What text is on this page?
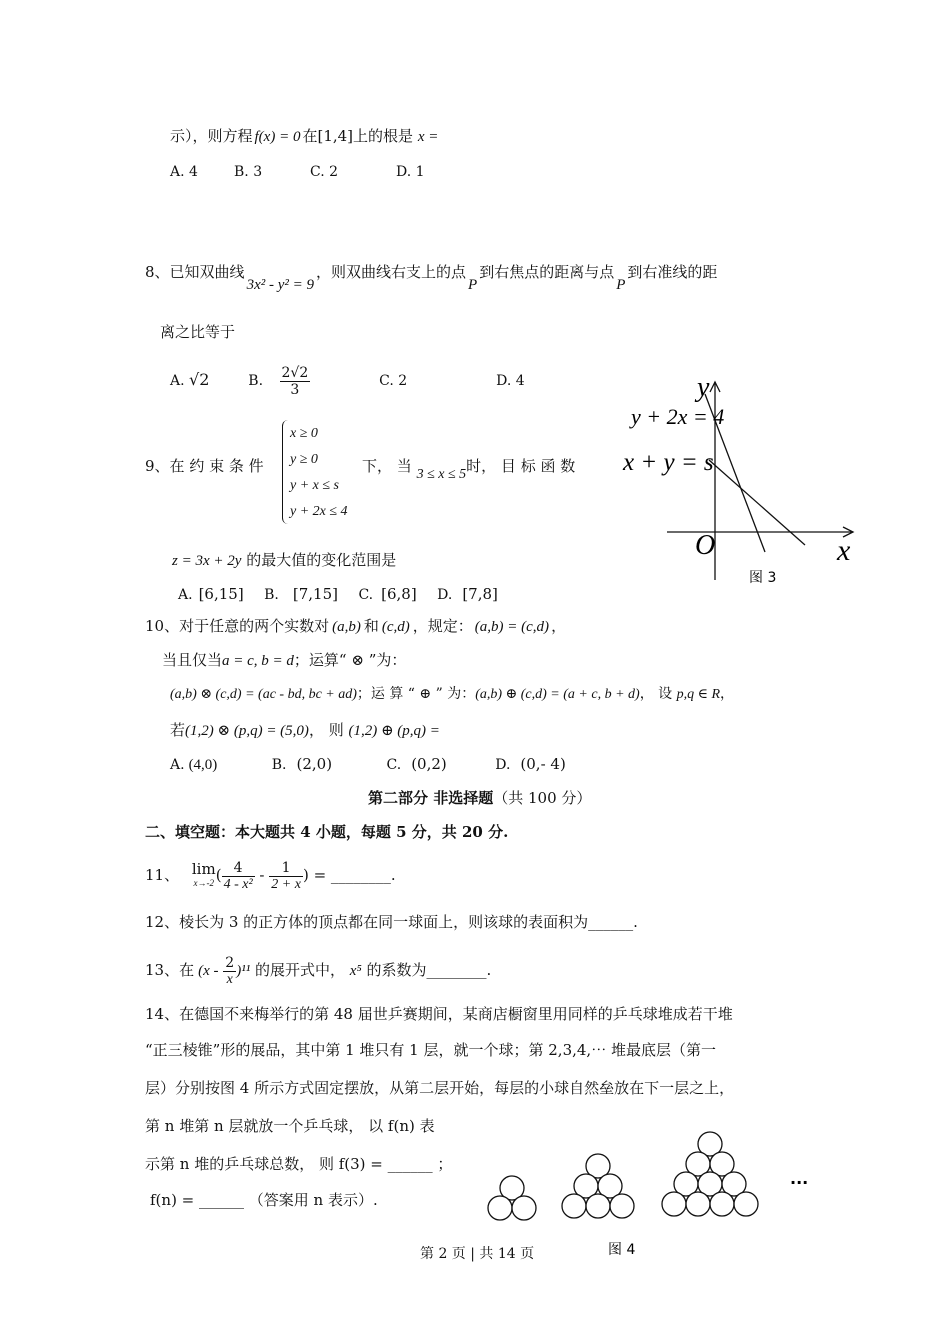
示），则方程 f(x) = 0 在[1,4]上的根是 x =
A. 4	B. 3	C. 2	D. 1
8、已知双曲线3x² - y² = 9，则双曲线右支上的点P到右焦点的距离与点P到右准线的距
离之比等于
A. √2	B. $\frac{2√2}{3}$	C. 2	D. 4
9、在 约 束 条 件
x ≥ 0
y ≥ 0
y + x ≤ s
y + 2x ≤ 4
下， 当 3 ≤ x ≤ 5时， 目 标 函 数
z = 3x + 2y 的最大值的变化范围是
A. [6,15] B. [7,15] C. [6,8] D. [7,8]
y
x
O
y + 2x = 4
x + y = s
图 3
10、对于任意的两个实数对 (a,b) 和 (c,d) ，规定： (a,b) = (c,d) ，
当且仅当a = c, b = d；运算“ ⊗ ”为：
(a,b) ⊗ (c,d) = (ac - bd, bc + ad)；运 算 “ ⊕ ” 为：(a,b) ⊕ (c,d) = (a + c, b + d)， 设 p,q ∈ R，
若(1,2) ⊗ (p,q) = (5,0)， 则 (1,2) ⊕ (p,q) =
A. (4,0)	B. (2,0)	C. (0,2)	D. (0,- 4)
第二部分 非选择题（共 100 分）
二、填空题：本大题共 4 小题，每题 5 分，共 20 分.
11、 lim
x→-2 ( $\frac{4}{\text{4 - x²}} - \frac{1}{2 + x}$ ) = ________.
12、棱长为 3 的正方体的顶点都在同一球面上，则该球的表面积为______.
13、在 $(x - \frac{2}{x} )^{11}$ 的展开式中， x⁵ 的系数为________.
14、在德国不来梅举行的第 48 届世乒赛期间，某商店橱窗里用同样的乒乓球堆成若干堆
“正三棱锥”形的展品，其中第 1 堆只有 1 层，就一个球；第 2,3,4,⋯ 堆最底层（第一
层）分别按图 4 所示方式固定摆放，从第二层开始，每层的小球自然垒放在下一层之上，
第 n 堆第 n 层就放一个乒乓球， 以 f(n) 表
示第 n 堆的乒乓球总数， 则 f(3) = ______ ；
f(n) = ______ （答案用 n 表示）.
···
图 4
第 2 页 | 共 14 页
